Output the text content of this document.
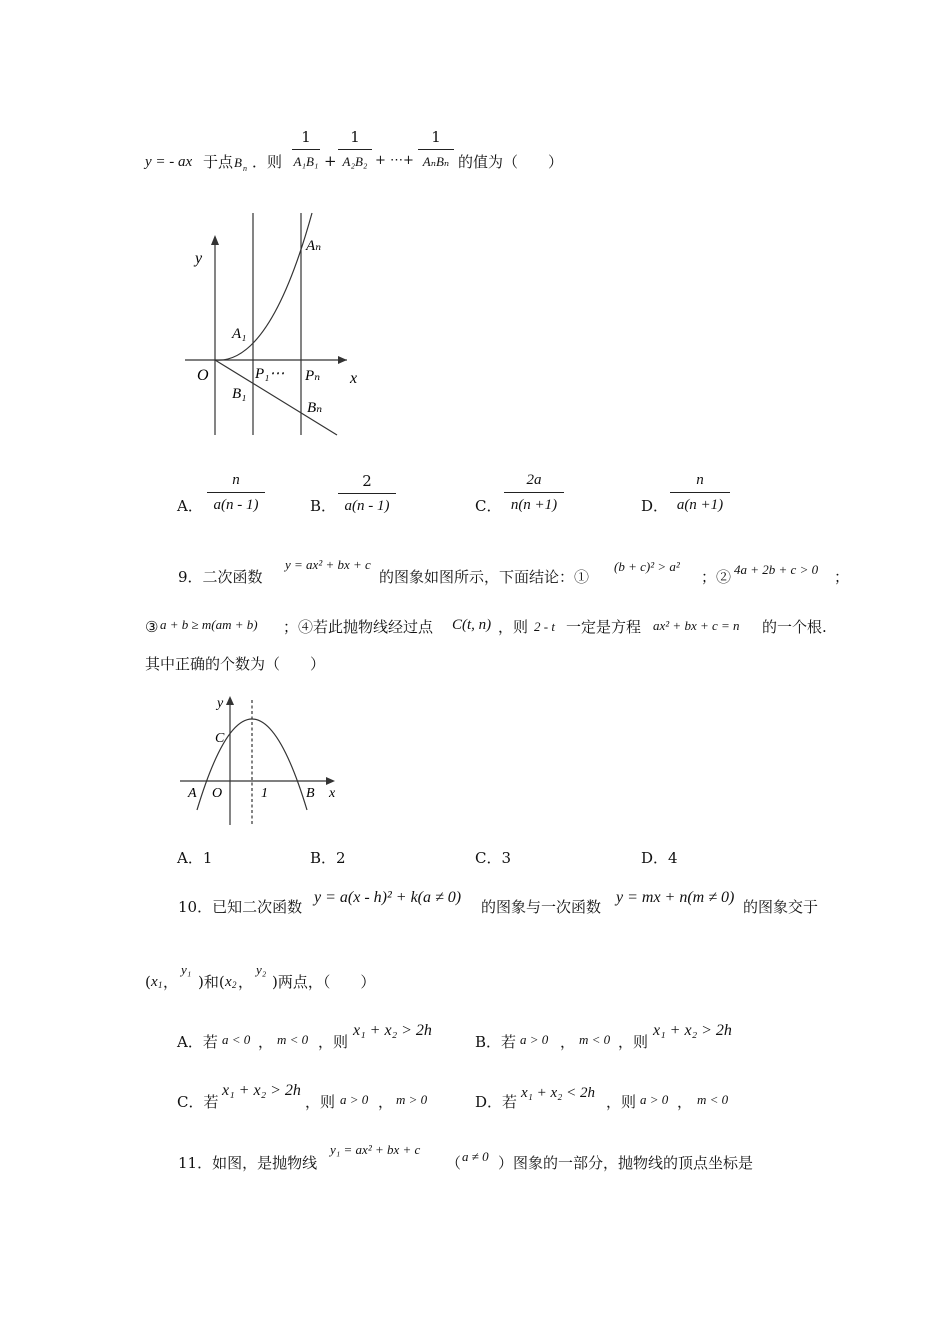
y = - ax 于点 B n ．则
1
A₁B₁ +
1
A₂B₂ + ⋯+
1
AₙBₙ 的值为（　　）
y
x
O
Aₙ
A₁
P₁⋯ Pₙ
B₁
Bₙ
A．
n
a(n - 1)	B．
2
a(n - 1)	C．
2a
n(n +1)	D．
n
a(n +1)
9．二次函数
y = ax² + bx + c
的图象如图所示，下面结论：①
(b + c)² > a²
；② 4a + 2b + c > 0 ；
③ a + b ≥ m(am + b) ；④若此抛物线经过点 C(t, n) ，则 2 - t 一定是方程 ax² + bx + c = n 的一个根.
其中正确的个数为（　　）
y
x
C
A O	1	B
A．1	B．2	C．3	D．4
10．已知二次函数
y = a(x - h)² + k(a ≠ 0)
的图象与一次函数
y = mx + n(m ≠ 0)
的图象交于
( x 1 ，
y₁
)和( x 2 ，
y₂
)两点，（　　）
A．若 a < 0 ， m < 0 ，则
x₁ + x₂ > 2h
B．若 a > 0 ， m < 0 ，则
x₁ + x₂ > 2h
C．若
x₁ + x₂ > 2h
，则 a > 0 ， m > 0	D．若 x₁ + x₂ < 2h ，则 a > 0 ， m < 0
11．如图，是抛物线
y₁ = ax² + bx + c
（ a ≠ 0 ）图象的一部分，抛物线的顶点坐标是
